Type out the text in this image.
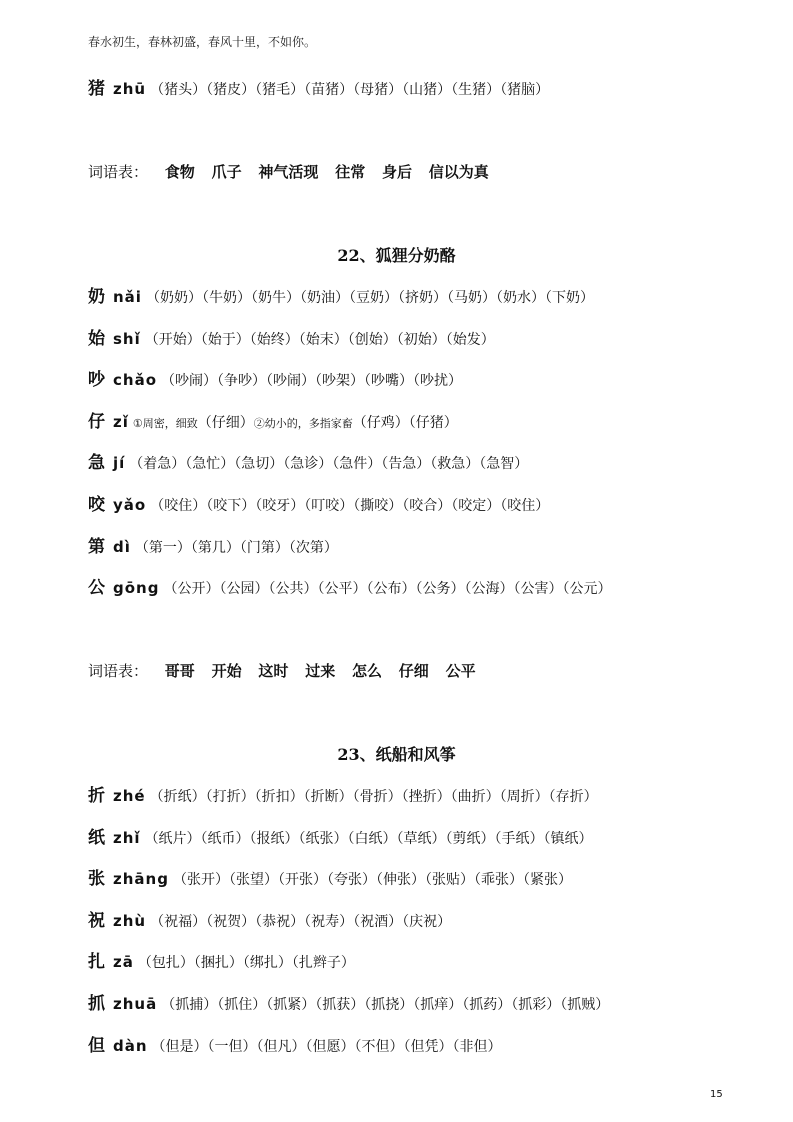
春水初生，春林初盛，春风十里，不如你。
猪 zhū （猪头）（猪皮）（猪毛）（苗猪）（母猪）（山猪）（生猪）（猪脑）
词语表： 食物 爪子 神气活现 往常 身后 信以为真
22、狐狸分奶酪
奶 nǎi （奶奶）（牛奶）（奶牛）（奶油）（豆奶）（挤奶）（马奶）（奶水）（下奶）
始 shǐ （开始）（始于）（始终）（始末）（创始）（初始）（始发）
吵 chǎo （吵闹）（争吵）（吵闹）（吵架）（吵嘴）（吵扰）
仔 zǐ ①周密，细致（仔细）②幼小的，多指家畜（仔鸡）（仔猪）
急 jí （着急）（急忙）（急切）（急诊）（急件）（告急）（救急）（急智）
咬 yǎo （咬住）（咬下）（咬牙）（叮咬）（撕咬）（咬合）（咬定）（咬住）
第 dì （第一）（第几）（门第）（次第）
公 gōng （公开）（公园）（公共）（公平）（公布）（公务）（公海）（公害）（公元）
词语表： 哥哥 开始 这时 过来 怎么 仔细 公平
23、纸船和风筝
折 zhé （折纸）（打折）（折扣）（折断）（骨折）（挫折）（曲折）（周折）（存折）
纸 zhǐ （纸片）（纸币）（报纸）（纸张）（白纸）（草纸）（剪纸）（手纸）（镇纸）
张 zhāng （张开）（张望）（开张）（夸张）（伸张）（张贴）（乖张）（紧张）
祝 zhù （祝福）（祝贺）（恭祝）（祝寿）（祝酒）（庆祝）
扎 zā （包扎）（捆扎）（绑扎）（扎辫子）
抓 zhuā （抓捕）（抓住）（抓紧）（抓获）（抓挠）（抓痒）（抓药）（抓彩）（抓贼）
但 dàn （但是）（一但）（但凡）（但愿）（不但）（但凭）（非但）
15
